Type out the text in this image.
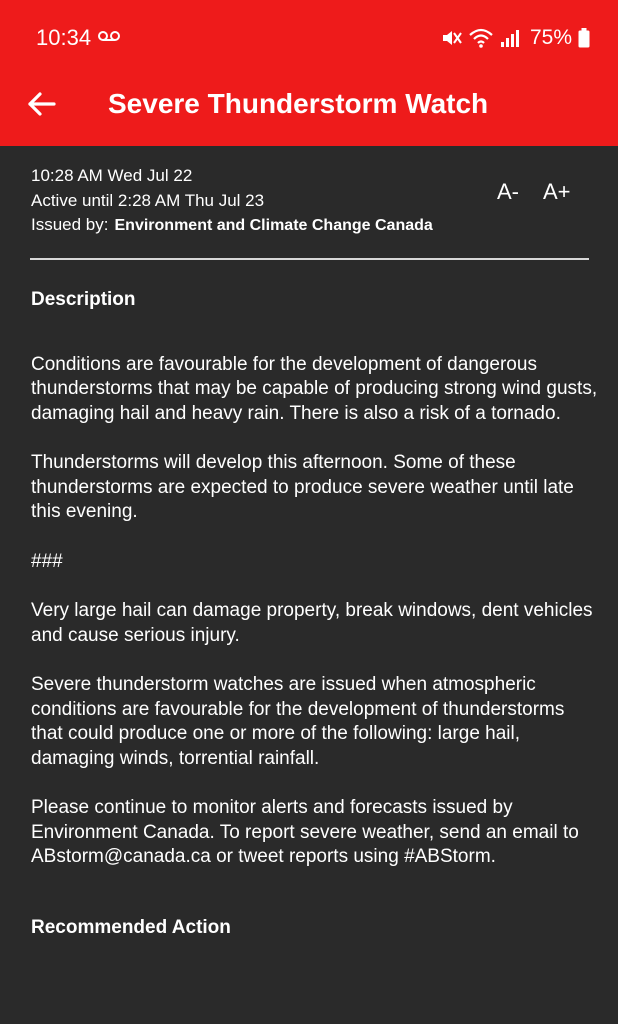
10:34	75%
Severe Thunderstorm Watch
10:28 AM Wed Jul 22
Active until 2:28 AM Thu Jul 23
Issued by: Environment and Climate Change Canada
A- A+
Description

Conditions are favourable for the development of dangerous thunderstorms that may be capable of producing strong wind gusts, damaging hail and heavy rain. There is also a risk of a tornado.

Thunderstorms will develop this afternoon. Some of these thunderstorms are expected to produce severe weather until late this evening.

###

Very large hail can damage property, break windows, dent vehicles and cause serious injury.

Severe thunderstorm watches are issued when atmospheric conditions are favourable for the development of thunderstorms that could produce one or more of the following: large hail, damaging winds, torrential rainfall.

Please continue to monitor alerts and forecasts issued by Environment Canada. To report severe weather, send an email to ABstorm@canada.ca or tweet reports using #ABStorm.

Recommended Action
